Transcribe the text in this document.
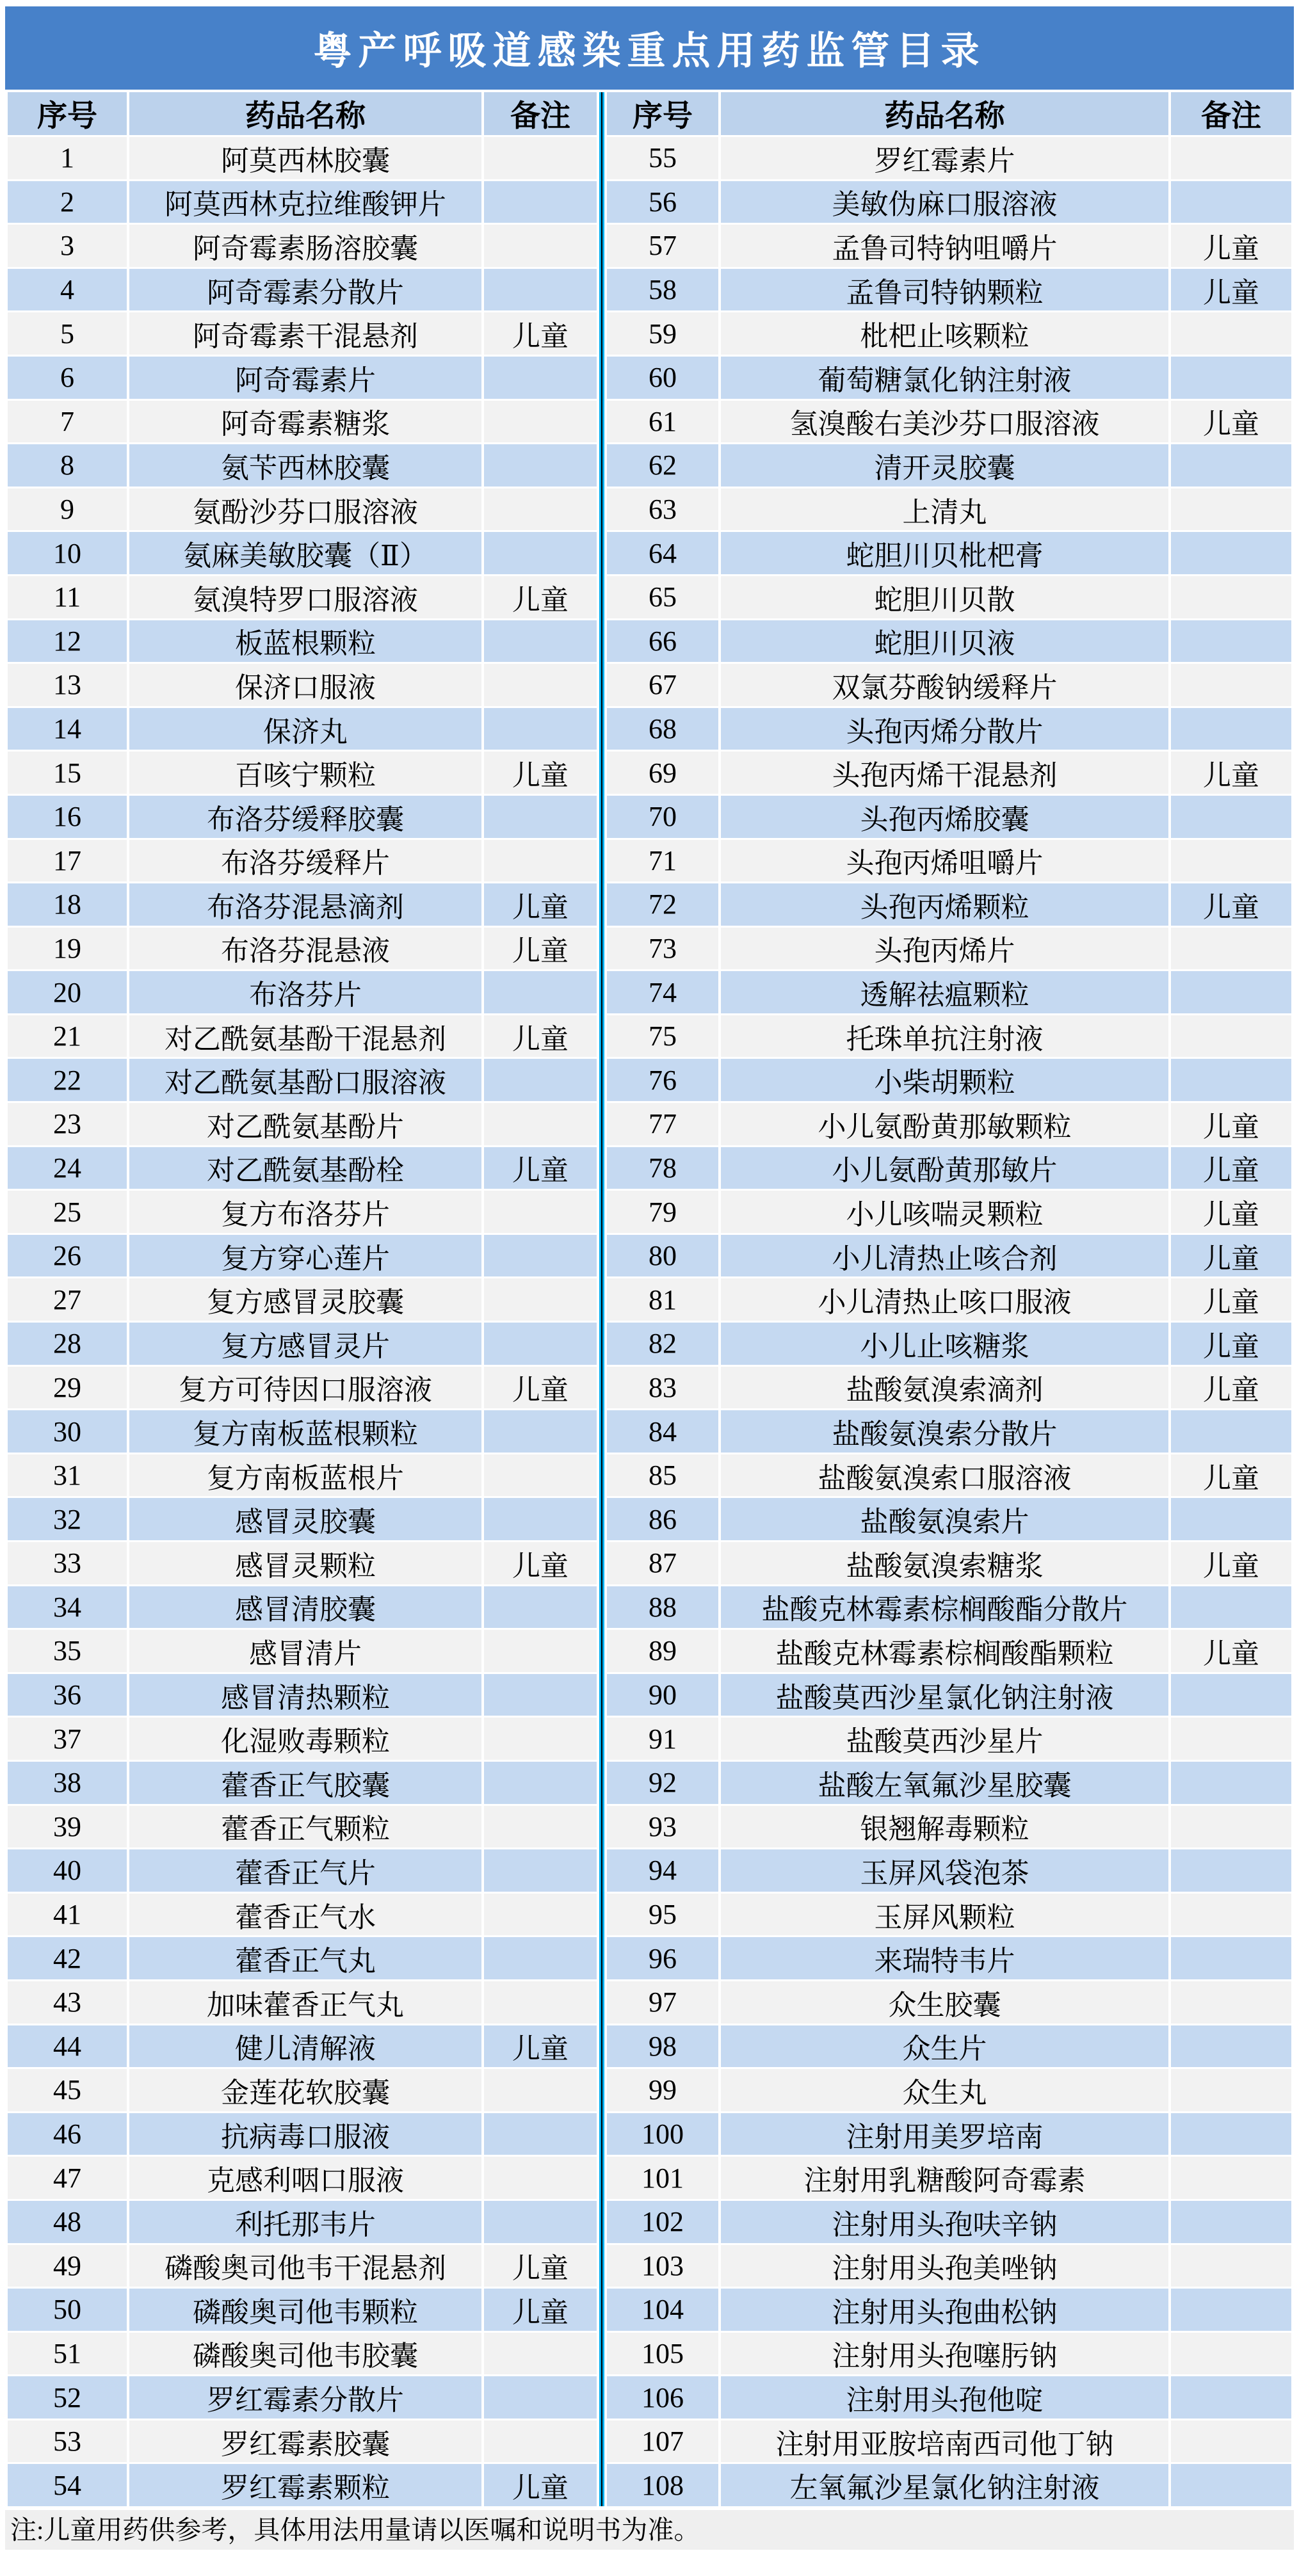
粤产呼吸道感染重点用药监管目录
序号	药品名称	备注
1	阿莫西林胶囊	
2	阿莫西林克拉维酸钾片	
3	阿奇霉素肠溶胶囊	
4	阿奇霉素分散片	
5	阿奇霉素干混悬剂	儿童
6	阿奇霉素片	
7	阿奇霉素糖浆	
8	氨苄西林胶囊	
9	氨酚沙芬口服溶液	
10	氨麻美敏胶囊（Ⅱ）	
11	氨溴特罗口服溶液	儿童
12	板蓝根颗粒	
13	保济口服液	
14	保济丸	
15	百咳宁颗粒	儿童
16	布洛芬缓释胶囊	
17	布洛芬缓释片	
18	布洛芬混悬滴剂	儿童
19	布洛芬混悬液	儿童
20	布洛芬片	
21	对乙酰氨基酚干混悬剂	儿童
22	对乙酰氨基酚口服溶液	
23	对乙酰氨基酚片	
24	对乙酰氨基酚栓	儿童
25	复方布洛芬片	
26	复方穿心莲片	
27	复方感冒灵胶囊	
28	复方感冒灵片	
29	复方可待因口服溶液	儿童
30	复方南板蓝根颗粒	
31	复方南板蓝根片	
32	感冒灵胶囊	
33	感冒灵颗粒	儿童
34	感冒清胶囊	
35	感冒清片	
36	感冒清热颗粒	
37	化湿败毒颗粒	
38	藿香正气胶囊	
39	藿香正气颗粒	
40	藿香正气片	
41	藿香正气水	
42	藿香正气丸	
43	加味藿香正气丸	
44	健儿清解液	儿童
45	金莲花软胶囊	
46	抗病毒口服液	
47	克感利咽口服液	
48	利托那韦片	
49	磷酸奥司他韦干混悬剂	儿童
50	磷酸奥司他韦颗粒	儿童
51	磷酸奥司他韦胶囊	
52	罗红霉素分散片	
53	罗红霉素胶囊	
54	罗红霉素颗粒	儿童
序号	药品名称	备注
55	罗红霉素片	
56	美敏伪麻口服溶液	
57	孟鲁司特钠咀嚼片	儿童
58	孟鲁司特钠颗粒	儿童
59	枇杷止咳颗粒	
60	葡萄糖氯化钠注射液	
61	氢溴酸右美沙芬口服溶液	儿童
62	清开灵胶囊	
63	上清丸	
64	蛇胆川贝枇杷膏	
65	蛇胆川贝散	
66	蛇胆川贝液	
67	双氯芬酸钠缓释片	
68	头孢丙烯分散片	
69	头孢丙烯干混悬剂	儿童
70	头孢丙烯胶囊	
71	头孢丙烯咀嚼片	
72	头孢丙烯颗粒	儿童
73	头孢丙烯片	
74	透解祛瘟颗粒	
75	托珠单抗注射液	
76	小柴胡颗粒	
77	小儿氨酚黄那敏颗粒	儿童
78	小儿氨酚黄那敏片	儿童
79	小儿咳喘灵颗粒	儿童
80	小儿清热止咳合剂	儿童
81	小儿清热止咳口服液	儿童
82	小儿止咳糖浆	儿童
83	盐酸氨溴索滴剂	儿童
84	盐酸氨溴索分散片	
85	盐酸氨溴索口服溶液	儿童
86	盐酸氨溴索片	
87	盐酸氨溴索糖浆	儿童
88	盐酸克林霉素棕榈酸酯分散片	
89	盐酸克林霉素棕榈酸酯颗粒	儿童
90	盐酸莫西沙星氯化钠注射液	
91	盐酸莫西沙星片	
92	盐酸左氧氟沙星胶囊	
93	银翘解毒颗粒	
94	玉屏风袋泡茶	
95	玉屏风颗粒	
96	来瑞特韦片	
97	众生胶囊	
98	众生片	
99	众生丸	
100	注射用美罗培南	
101	注射用乳糖酸阿奇霉素	
102	注射用头孢呋辛钠	
103	注射用头孢美唑钠	
104	注射用头孢曲松钠	
105	注射用头孢噻肟钠	
106	注射用头孢他啶	
107	注射用亚胺培南西司他丁钠	
108	左氧氟沙星氯化钠注射液	
注:儿童用药供参考，具体用法用量请以医嘱和说明书为准。
